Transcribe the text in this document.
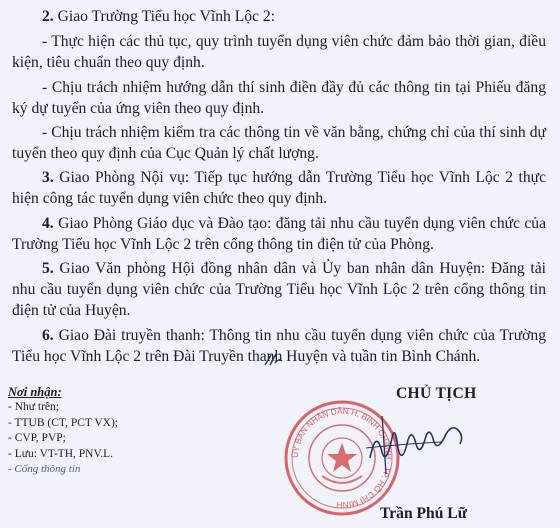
2. Giao Trường Tiểu học Vĩnh Lộc 2:

- Thực hiện các thủ tục, quy trình tuyển dụng viên chức đảm bảo thời gian, điều kiện, tiêu chuẩn theo quy định.

- Chịu trách nhiệm hướng dẫn thí sinh điền đầy đủ các thông tin tại Phiếu đăng ký dự tuyển của ứng viên theo quy định.

- Chịu trách nhiệm kiểm tra các thông tin về văn bằng, chứng chỉ của thí sinh dự tuyển theo quy định của Cục Quản lý chất lượng.

3. Giao Phòng Nội vụ: Tiếp tục hướng dẫn Trường Tiểu học Vĩnh Lộc 2 thực hiện công tác tuyển dụng viên chức theo quy định.

4. Giao Phòng Giáo dục và Đào tạo: đăng tải nhu cầu tuyển dụng viên chức của Trường Tiểu học Vĩnh Lộc 2 trên cổng thông tin điện tử của Phòng.

5. Giao Văn phòng Hội đồng nhân dân và Ủy ban nhân dân Huyện: Đăng tải nhu cầu tuyển dụng viên chức của Trường Tiểu học Vĩnh Lộc 2 trên cổng thông tin điện tử của Huyện.

6. Giao Đài truyền thanh: Thông tin nhu cầu tuyển dụng viên chức của Trường Tiểu học Vĩnh Lộc 2 trên Đài Truyền thanh Huyện và tuần tin Bình Chánh.

Nơi nhận:
- Như trên;
- TTUB (CT, PCT VX);
- CVP, PVP;
- Lưu: VT-TH, PNV.L.
- Cổng thông tin
CHỦ TỊCH
ỦY BAN NHÂN DÂN H. BÌNH CHÁNH · TP. HỒ CHÍ MINH
Trần Phú Lữ
